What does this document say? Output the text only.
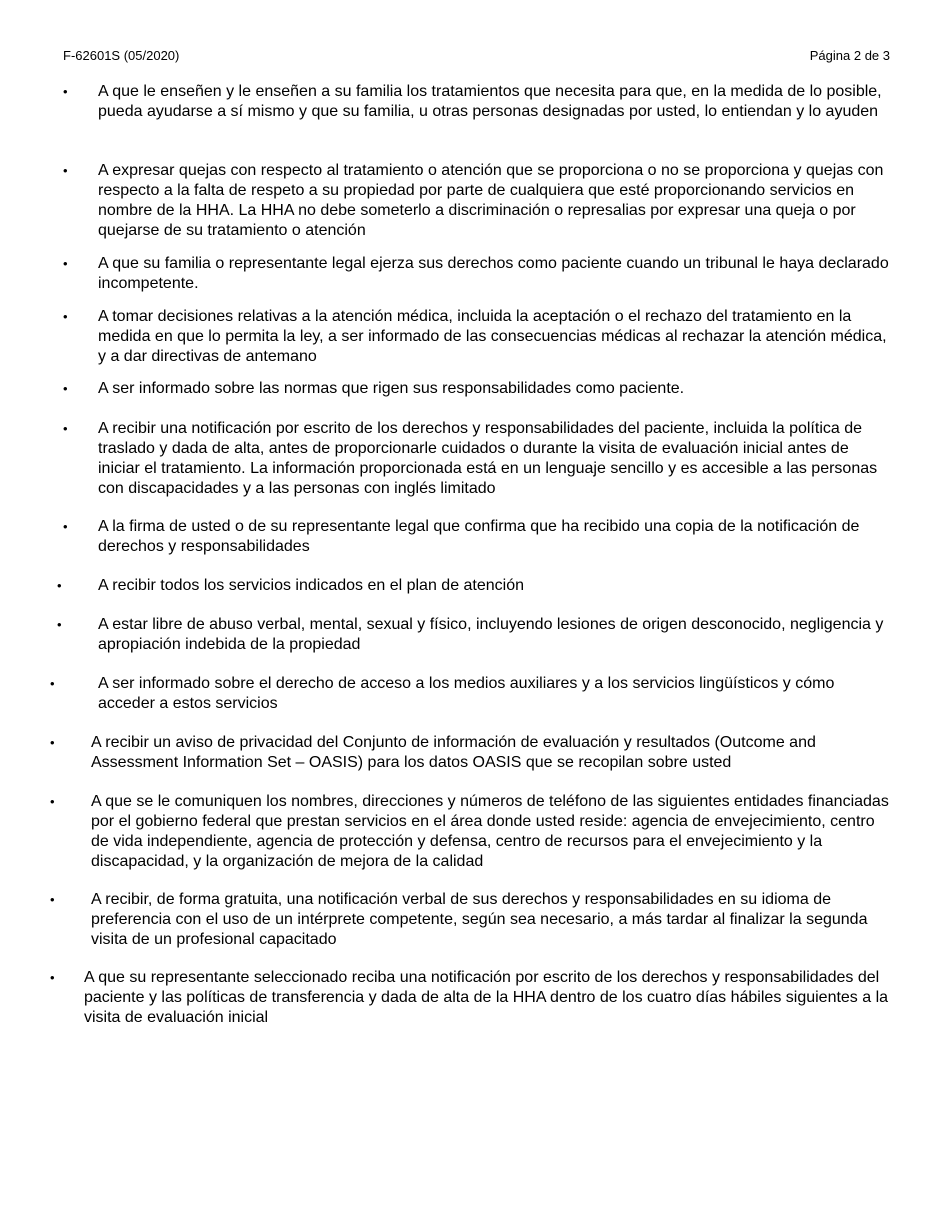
F-62601S (05/2020)	Página 2 de 3
• A que le enseñen y le enseñen a su familia los tratamientos que necesita para que, en la medida de lo posible, pueda ayudarse a sí mismo y que su familia, u otras personas designadas por usted, lo entiendan y lo ayuden
• A expresar quejas con respecto al tratamiento o atención que se proporciona o no se proporciona y quejas con respecto a la falta de respeto a su propiedad por parte de cualquiera que esté proporcionando servicios en nombre de la HHA. La HHA no debe someterlo a discriminación o represalias por expresar una queja o por quejarse de su tratamiento o atención
• A que su familia o representante legal ejerza sus derechos como paciente cuando un tribunal le haya declarado incompetente.
• A tomar decisiones relativas a la atención médica, incluida la aceptación o el rechazo del tratamiento en la medida en que lo permita la ley, a ser informado de las consecuencias médicas al rechazar la atención médica, y a dar directivas de antemano
• A ser informado sobre las normas que rigen sus responsabilidades como paciente.
• A recibir una notificación por escrito de los derechos y responsabilidades del paciente, incluida la política de traslado y dada de alta, antes de proporcionarle cuidados o durante la visita de evaluación inicial antes de iniciar el tratamiento. La información proporcionada está en un lenguaje sencillo y es accesible a las personas con discapacidades y a las personas con inglés limitado
• A la firma de usted o de su representante legal que confirma que ha recibido una copia de la notificación de derechos y responsabilidades
• A recibir todos los servicios indicados en el plan de atención
• A estar libre de abuso verbal, mental, sexual y físico, incluyendo lesiones de origen desconocido, negligencia y apropiación indebida de la propiedad
•	A ser informado sobre el derecho de acceso a los medios auxiliares y a los servicios lingüísticos y cómo acceder a estos servicios
• A recibir un aviso de privacidad del Conjunto de información de evaluación y resultados (Outcome and Assessment Information Set – OASIS) para los datos OASIS que se recopilan sobre usted
• A que se le comuniquen los nombres, direcciones y números de teléfono de las siguientes entidades financiadas por el gobierno federal que prestan servicios en el área donde usted reside: agencia de envejecimiento, centro de vida independiente, agencia de protección y defensa, centro de recursos para el envejecimiento y la discapacidad, y la organización de mejora de la calidad
• A recibir, de forma gratuita, una notificación verbal de sus derechos y responsabilidades en su idioma de preferencia con el uso de un intérprete competente, según sea necesario, a más tardar al finalizar la segunda visita de un profesional capacitado
• A que su representante seleccionado reciba una notificación por escrito de los derechos y responsabilidades del paciente y las políticas de transferencia y dada de alta de la HHA dentro de los cuatro días hábiles siguientes a la visita de evaluación inicial
